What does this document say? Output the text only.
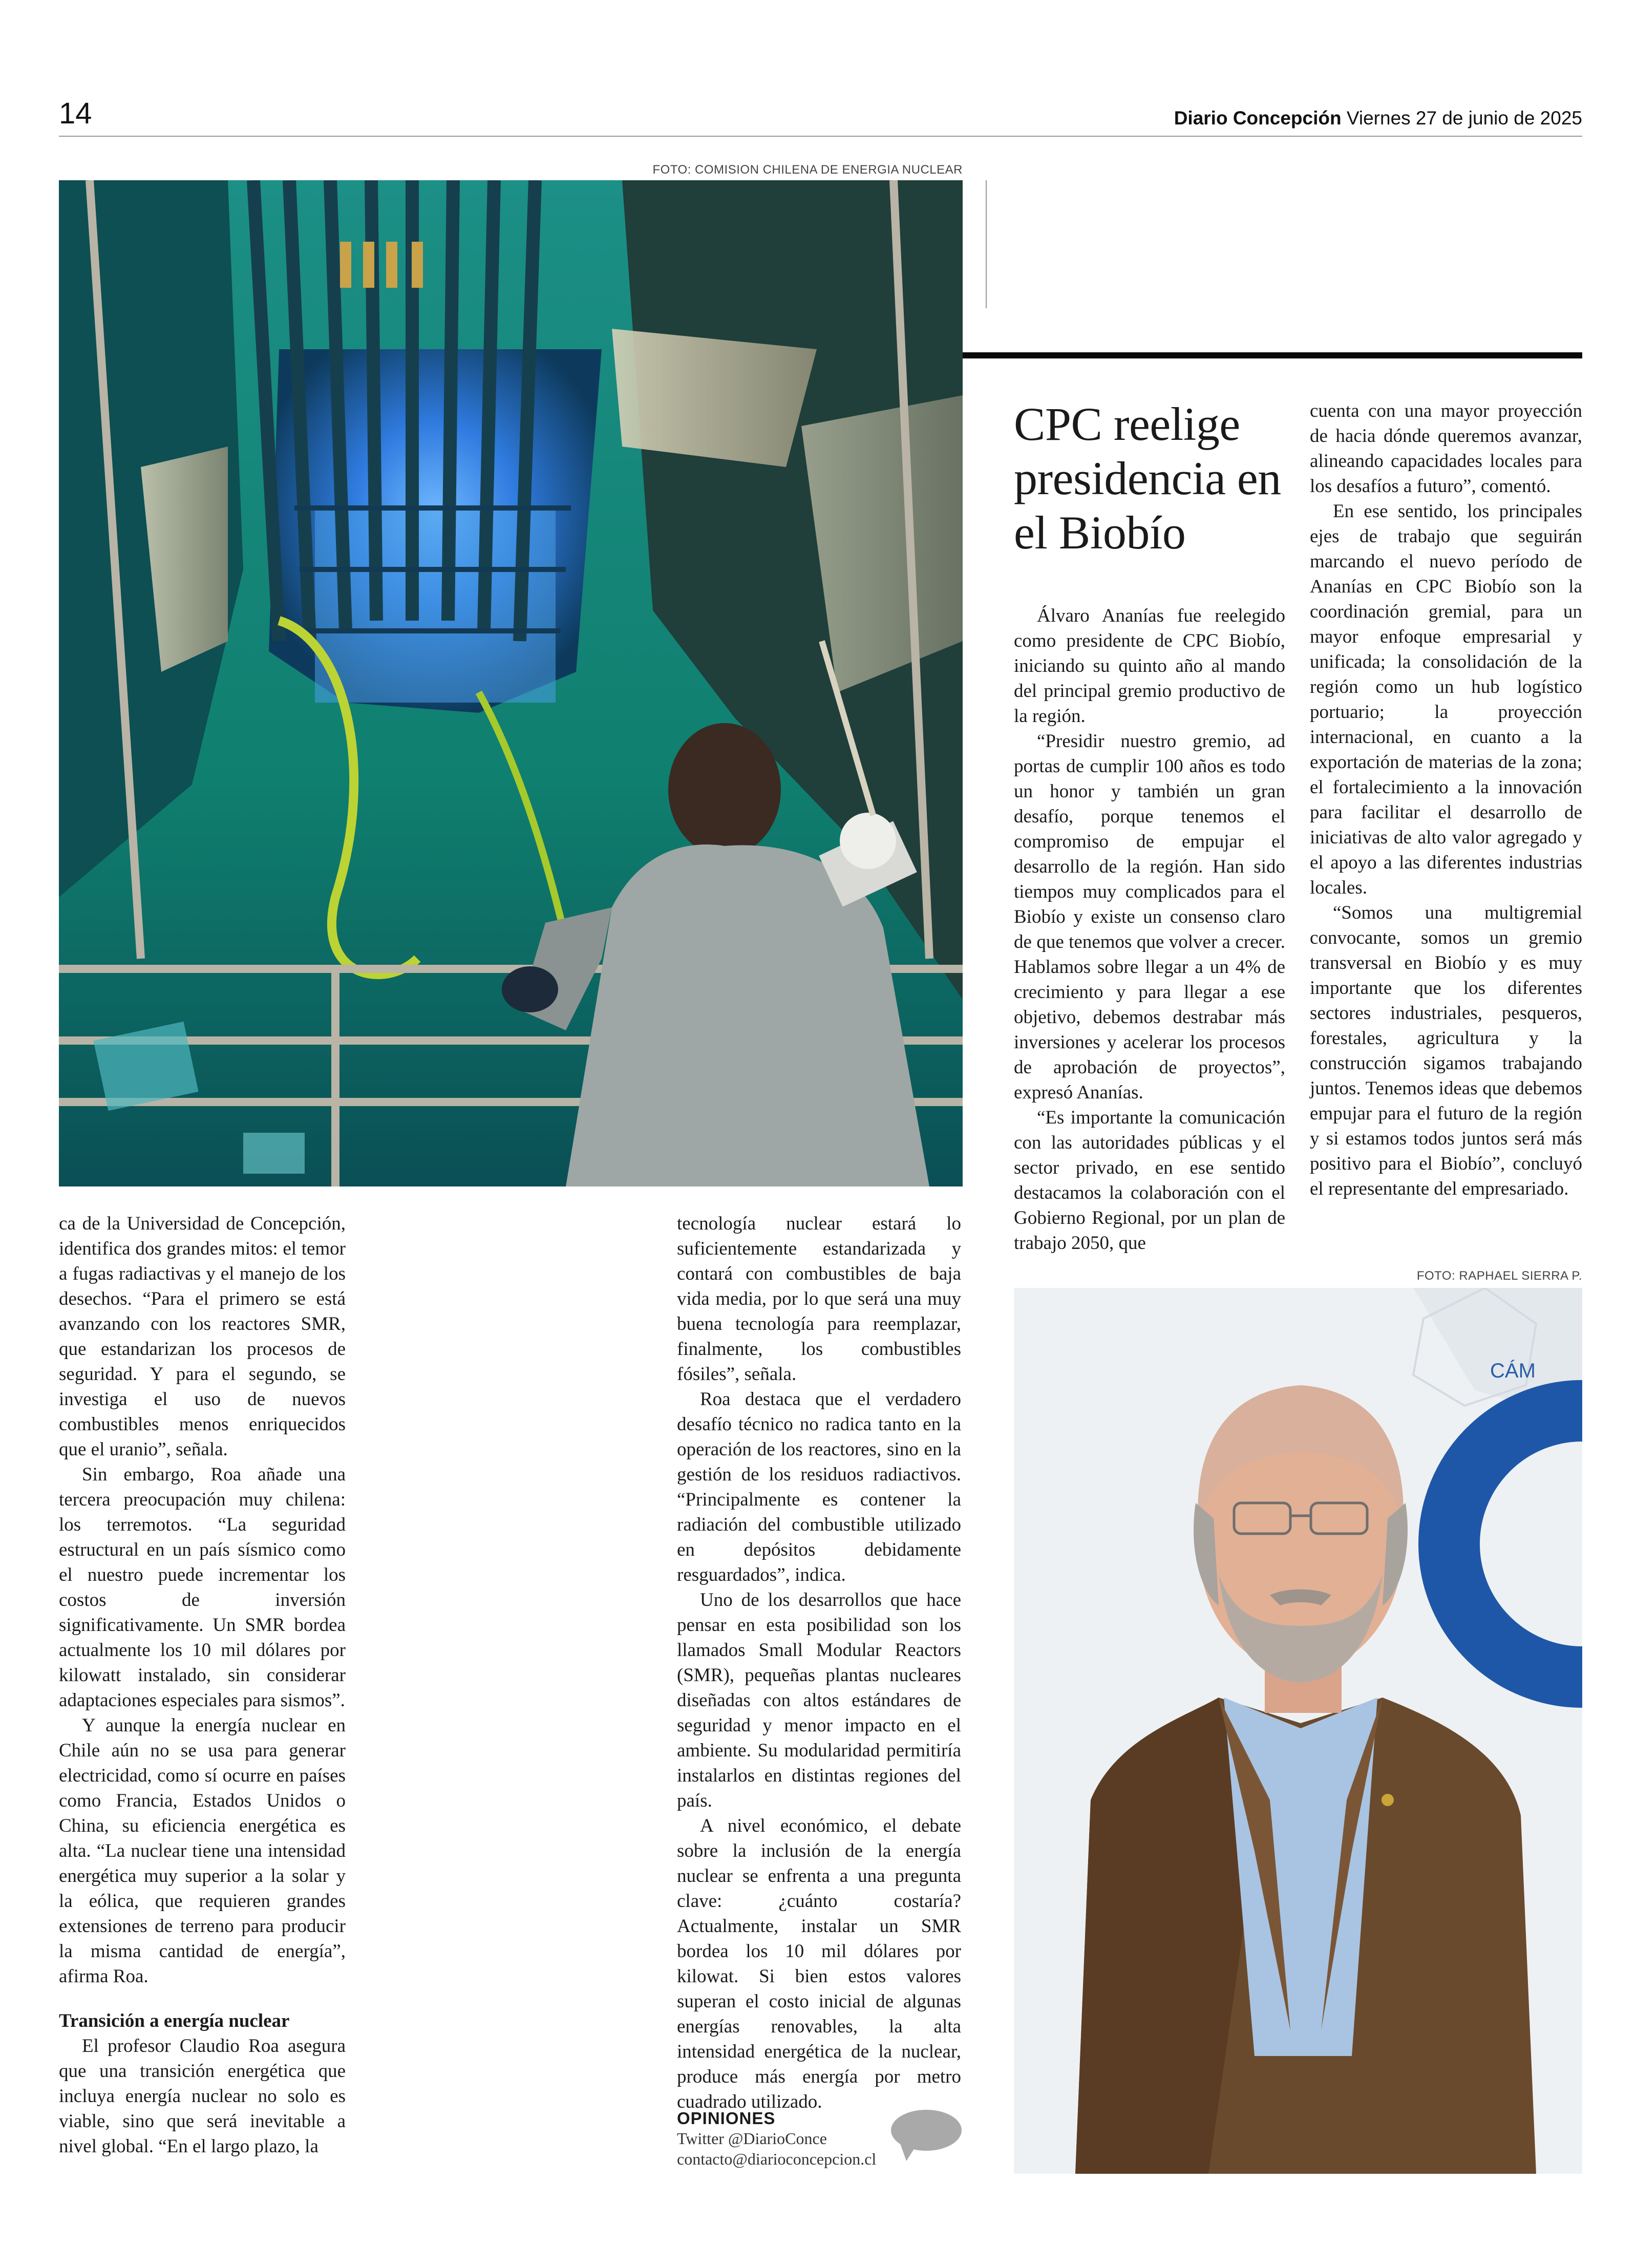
14	Diario Concepción Viernes 27 de junio de 2025
FOTO: COMISION CHILENA DE ENERGIA NUCLEAR
CPC reelige presidencia en el Biobío

Álvaro Ananías fue reelegido como presidente de CPC Biobío, iniciando su quinto año al mando del principal gremio productivo de la región.

“Presidir nuestro gremio, ad portas de cumplir 100 años es todo un honor y también un gran desafío, porque tenemos el compromiso de empujar el desarrollo de la región. Han sido tiempos muy complicados para el Biobío y existe un consenso claro de que tenemos que volver a crecer. Hablamos sobre llegar a un 4% de crecimiento y para llegar a ese objetivo, debemos destrabar más inversiones y acelerar los procesos de aprobación de proyectos”, expresó Ananías.

“Es importante la comunicación con las autoridades públicas y el sector privado, en ese sentido destacamos la colaboración con el Gobierno Regional, por un plan de trabajo 2050, que

cuenta con una mayor proyección de hacia dónde queremos avanzar, alineando capacidades locales para los desafíos a futuro”, comentó.

En ese sentido, los principales ejes de trabajo que seguirán marcando el nuevo período de Ananías en CPC Biobío son la coordinación gremial, para un mayor enfoque empresarial y unificada; la consolidación de la región como un hub logístico portuario; la proyección internacional, en cuanto a la exportación de materias de la zona; el fortalecimiento a la innovación para facilitar el desarrollo de iniciativas de alto valor agregado y el apoyo a las diferentes industrias locales.

“Somos una multigremial convocante, somos un gremio transversal en Biobío y es muy importante que los diferentes sectores industriales, pesqueros, forestales, agricultura y la construcción sigamos trabajando juntos. Tenemos ideas que debemos empujar para el futuro de la región y si estamos todos juntos será más positivo para el Biobío”, concluyó el representante del empresariado.

ca de la Universidad de Concepción, identifica dos grandes mitos: el temor a fugas radiactivas y el manejo de los desechos. “Para el primero se está avanzando con los reactores SMR, que estandarizan los procesos de seguridad. Y para el segundo, se investiga el uso de nuevos combustibles menos enriquecidos que el uranio”, señala.

Sin embargo, Roa añade una tercera preocupación muy chilena: los terremotos. “La seguridad estructural en un país sísmico como el nuestro puede incrementar los costos de inversión significativamente. Un SMR bordea actualmente los 10 mil dólares por kilowatt instalado, sin considerar adaptaciones especiales para sismos”.

Y aunque la energía nuclear en Chile aún no se usa para generar electricidad, como sí ocurre en países como Francia, Estados Unidos o China, su eficiencia energética es alta. “La nuclear tiene una intensidad energética muy superior a la solar y la eólica, que requieren grandes extensiones de terreno para producir la misma cantidad de energía”, afirma Roa.

Transición a energía nuclear

El profesor Claudio Roa asegura que una transición energética que incluya energía nuclear no solo es viable, sino que será inevitable a nivel global. “En el largo plazo, la

tecnología nuclear estará lo suficientemente estandarizada y contará con combustibles de baja vida media, por lo que será una muy buena tecnología para reemplazar, finalmente, los combustibles fósiles”, señala.

Roa destaca que el verdadero desafío técnico no radica tanto en la operación de los reactores, sino en la gestión de los residuos radiactivos. “Principalmente es contener la radiación del combustible utilizado en depósitos debidamente resguardados”, indica.

Uno de los desarrollos que hace pensar en esta posibilidad son los llamados Small Modular Reactors (SMR), pequeñas plantas nucleares diseñadas con altos estándares de seguridad y menor impacto en el ambiente. Su modularidad permitiría instalarlos en distintas regiones del país.

A nivel económico, el debate sobre la inclusión de la energía nuclear se enfrenta a una pregunta clave: ¿cuánto costaría? Actualmente, instalar un SMR bordea los 10 mil dólares por kilowat. Si bien estos valores superan el costo inicial de algunas energías renovables, la alta intensidad energética de la nuclear, produce más energía por metro cuadrado utilizado.

OPINIONES
Twitter @DiarioConce
contacto@diarioconcepcion.cl
FOTO: RAPHAEL SIERRA P.
CÁM
